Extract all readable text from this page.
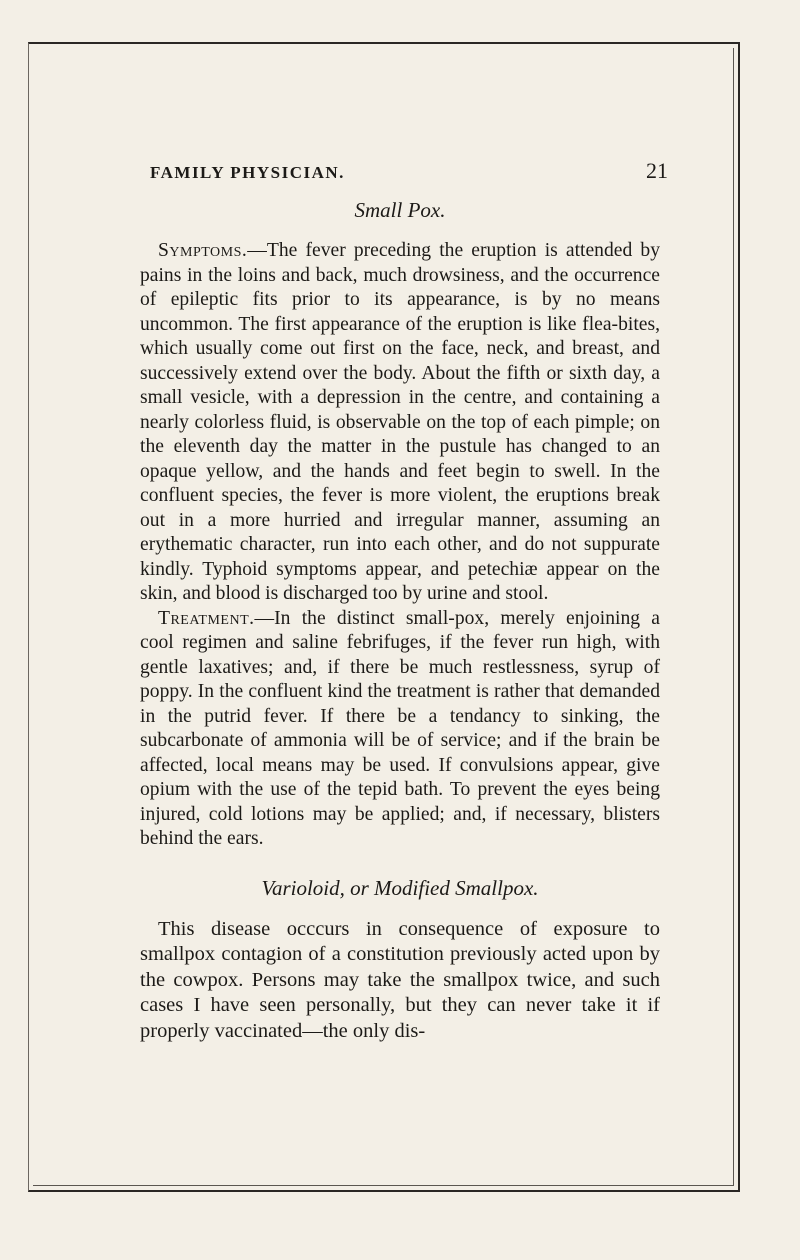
FAMILY PHYSICIAN.	21
Small Pox.

Symptoms.—The fever preceding the eruption is attended by pains in the loins and back, much drowsiness, and the occurrence of epileptic fits prior to its appearance, is by no means uncommon. The first appearance of the eruption is like flea-bites, which usually come out first on the face, neck, and breast, and successively extend over the body. About the fifth or sixth day, a small vesicle, with a depression in the centre, and containing a nearly colorless fluid, is observable on the top of each pimple; on the eleventh day the matter in the pustule has changed to an opaque yellow, and the hands and feet begin to swell. In the confluent species, the fever is more violent, the eruptions break out in a more hurried and irregular manner, assuming an erythematic character, run into each other, and do not suppurate kindly. Typhoid symptoms appear, and petechiæ appear on the skin, and blood is discharged too by urine and stool.

Treatment.—In the distinct small-pox, merely enjoining a cool regimen and saline febrifuges, if the fever run high, with gentle laxatives; and, if there be much restlessness, syrup of poppy. In the confluent kind the treatment is rather that demanded in the putrid fever. If there be a tendancy to sinking, the subcarbonate of ammonia will be of service; and if the brain be affected, local means may be used. If convulsions appear, give opium with the use of the tepid bath. To prevent the eyes being injured, cold lotions may be applied; and, if necessary, blisters behind the ears.

Varioloid, or Modified Smallpox.

This disease occcurs in consequence of exposure to smallpox contagion of a constitution previously acted upon by the cowpox. Persons may take the smallpox twice, and such cases I have seen personally, but they can never take it if properly vaccinated—the only dis-
